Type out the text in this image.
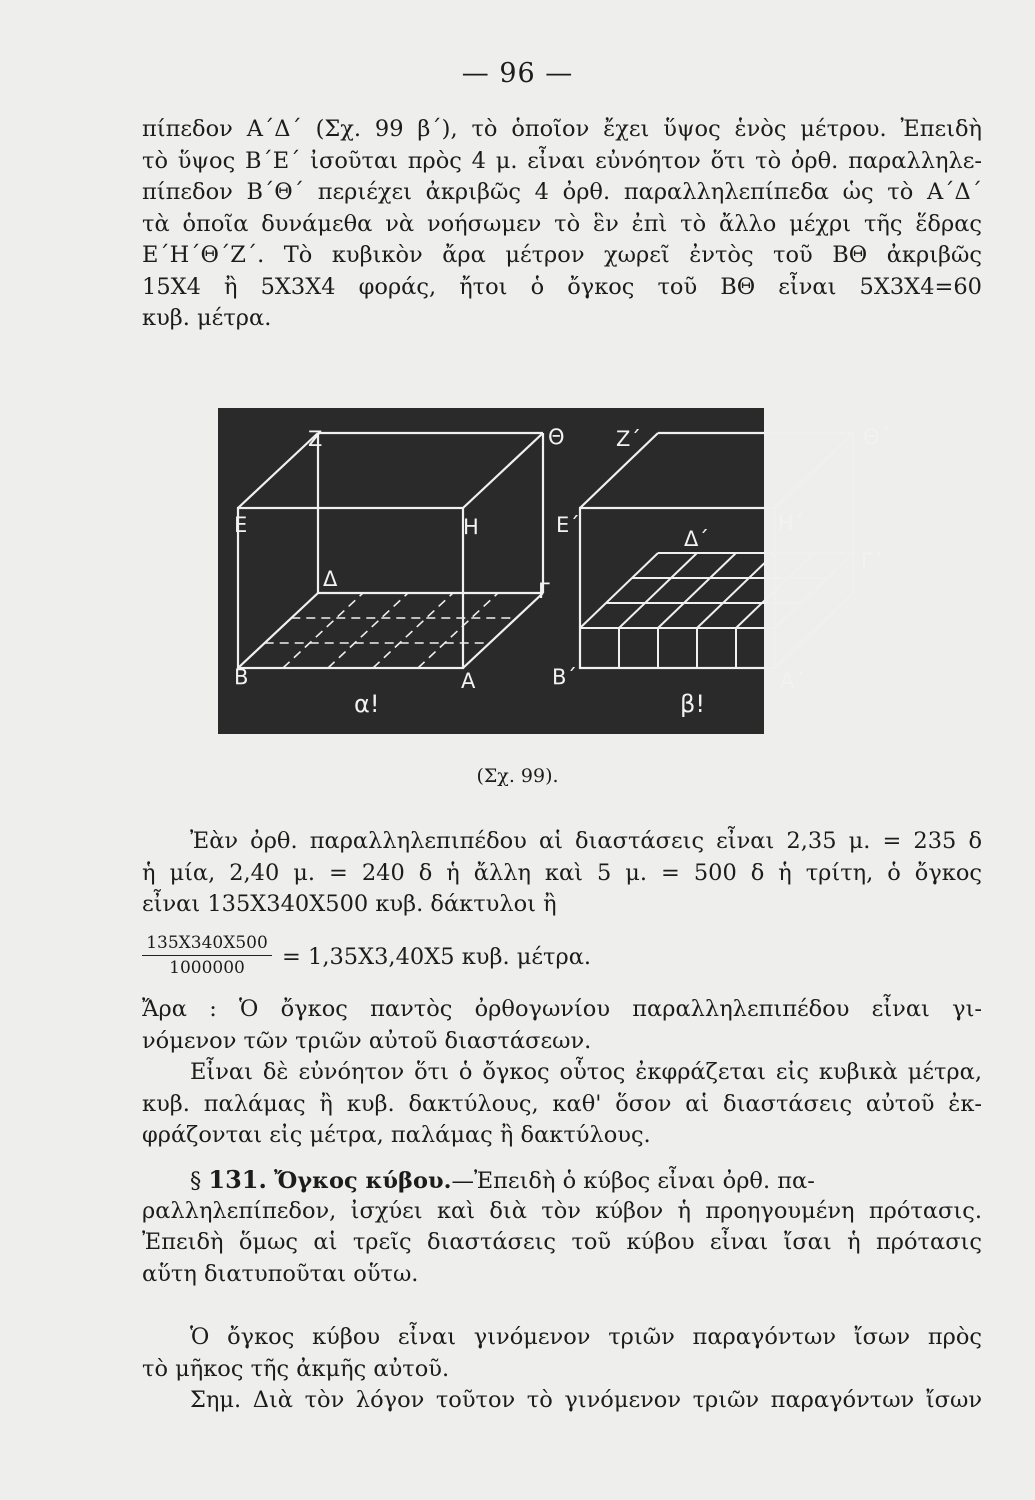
— 96 —
πίπεδον Α΄Δ΄ (Σχ. 99 β΄), τὸ ὁποῖον ἔχει ὕψος ἑνὸς μέτρου. Ἐπειδὴ
τὸ ὕψος Β΄Ε΄ ἰσοῦται πρὸς 4 μ. εἶναι εὐνόητον ὅτι τὸ ὀρθ. παραλληλε-
πίπεδον Β΄Θ΄ περιέχει ἀκριβῶς 4 ὀρθ. παραλληλεπίπεδα ὡς τὸ Α΄Δ΄
τὰ ὁποῖα δυνάμεθα νὰ νοήσωμεν τὸ ἓν ἐπὶ τὸ ἄλλο μέχρι τῆς ἕδρας
Ε΄Η΄Θ΄Ζ΄. Τὸ κυβικὸν ἄρα μέτρον χωρεῖ ἐντὸς τοῦ ΒΘ ἀκριβῶς
15Χ4 ἢ 5Χ3Χ4 φοράς, ἤτοι ὁ ὄγκος τοῦ ΒΘ εἶναι 5Χ3Χ4=60
κυβ. μέτρα.
Ζ	Θ
Ε	Η
Δ	Γ
Β	Α
α!
Ζ΄	Θ΄
Ε΄	Η΄
Δ΄
Γ΄
Β΄	Α΄
β!
(Σχ. 99).
Ἐὰν ὀρθ. παραλληλεπιπέδου αἱ διαστάσεις εἶναι 2,35 μ. = 235 δ
ἡ μία, 2,40 μ. = 240 δ ἡ ἄλλη καὶ 5 μ. = 500 δ ἡ τρίτη, ὁ ὄγκος
εἶναι 135Χ340Χ500 κυβ. δάκτυλοι ἢ
$\frac{135X340X500}{1000000} = 1,35X3,40X5$ κυβ. μέτρα.
Ἄρα : Ὁ ὄγκος παντὸς ὀρθογωνίου παραλληλεπιπέδου εἶναι γι-
νόμενον τῶν τριῶν αὐτοῦ διαστάσεων.
Εἶναι δὲ εὐνόητον ὅτι ὁ ὄγκος οὗτος ἐκφράζεται εἰς κυβικὰ μέτρα,
κυβ. παλάμας ἢ κυβ. δακτύλους, καθ' ὅσον αἱ διαστάσεις αὐτοῦ ἐκ-
φράζονται εἰς μέτρα, παλάμας ἢ δακτύλους.
§ 131. Ὄγκος κύβου.—Ἐπειδὴ ὁ κύβος εἶναι ὀρθ. πα-
ραλληλεπίπεδον, ἰσχύει καὶ διὰ τὸν κύβον ἡ προηγουμένη πρότασις.
Ἐπειδὴ ὅμως αἱ τρεῖς διαστάσεις τοῦ κύβου εἶναι ἴσαι ἡ πρότασις
αὕτη διατυποῦται οὕτω.
Ὁ ὄγκος κύβου εἶναι γινόμενον τριῶν παραγόντων ἴσων πρὸς
τὸ μῆκος τῆς ἀκμῆς αὐτοῦ.
Σημ. Διὰ τὸν λόγον τοῦτον τὸ γινόμενον τριῶν παραγόντων ἴσων
